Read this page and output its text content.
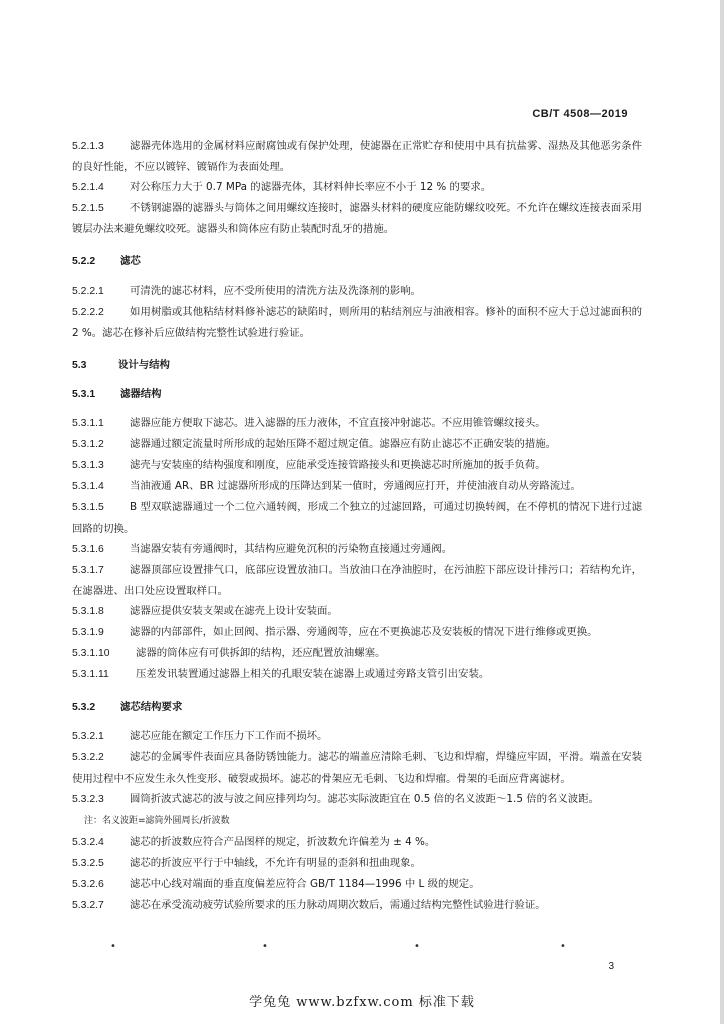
CB/T 4508—2019

5.2.1.3	滤器壳体选用的金属材料应耐腐蚀或有保护处理，使滤器在正常贮存和使用中具有抗盐雾、湿热及其他恶劣条件的良好性能，不应以镀锌、镀镉作为表面处理。

5.2.1.4	对公称压力大于 0.7 MPa 的滤器壳体，其材料伸长率应不小于 12 % 的要求。

5.2.1.5	不锈钢滤器的滤器头与筒体之间用螺纹连接时，滤器头材料的硬度应能防螺纹咬死。不允许在螺纹连接表面采用镀层办法来避免螺纹咬死。滤器头和筒体应有防止装配时乱牙的措施。

5.2.2 滤芯

5.2.2.1	可清洗的滤芯材料，应不受所使用的清洗方法及洗涤剂的影响。

5.2.2.2	如用树脂或其他粘结材料修补滤芯的缺陷时，则所用的粘结剂应与油液相容。修补的面积不应大于总过滤面积的 2 %。滤芯在修补后应做结构完整性试验进行验证。

5.3	设计与结构

5.3.1 滤器结构

5.3.1.1	滤器应能方便取下滤芯。进入滤器的压力液体，不宜直接冲射滤芯。不应用锥管螺纹接头。

5.3.1.2	滤器通过额定流量时所形成的起始压降不超过规定值。滤器应有防止滤芯不正确安装的措施。

5.3.1.3	滤壳与安装座的结构强度和刚度，应能承受连接管路接头和更换滤芯时所施加的扳手负荷。

5.3.1.4	当油液通 AR、BR 过滤器所形成的压降达到某一值时，旁通阀应打开，并使油液自动从旁路流过。

5.3.1.5	B 型双联滤器通过一个二位六通转阀，形成二个独立的过滤回路，可通过切换转阀，在不停机的情况下进行过滤回路的切换。

5.3.1.6	当滤器安装有旁通阀时，其结构应避免沉积的污染物直接通过旁通阀。

5.3.1.7	滤器顶部应设置排气口，底部应设置放油口。当放油口在净油腔时，在污油腔下部应设计排污口；若结构允许，在滤器进、出口处应设置取样口。

5.3.1.8	滤器应提供安装支架或在滤壳上设计安装面。

5.3.1.9	滤器的内部部件，如止回阀、指示器、旁通阀等，应在不更换滤芯及安装板的情况下进行维修或更换。

5.3.1.10	滤器的筒体应有可供拆卸的结构，还应配置放油螺塞。

5.3.1.11	压差发讯装置通过滤器上相关的孔眼安装在滤器上或通过旁路支管引出安装。

5.3.2 滤芯结构要求

5.3.2.1	滤芯应能在额定工作压力下工作而不损坏。

5.3.2.2	滤芯的金属零件表面应具备防锈蚀能力。滤芯的端盖应清除毛刺、飞边和焊瘤，焊缝应牢固，平滑。端盖在安装使用过程中不应发生永久性变形、破裂或损坏。滤芯的骨架应无毛刺、飞边和焊瘤。骨架的毛面应背离滤材。

5.3.2.3	圆筒折波式滤芯的波与波之间应排列均匀。滤芯实际波距宜在 0.5 倍的名义波距～1.5 倍的名义波距。

注：名义波距=滤筒外圆周长/折波数

5.3.2.4	滤芯的折波数应符合产品图样的规定，折波数允许偏差为 ± 4 %。

5.3.2.5	滤芯的折波应平行于中轴线，不允许有明显的歪斜和扭曲现象。

5.3.2.6	滤芯中心线对端面的垂直度偏差应符合 GB/T 1184—1996 中 L 级的规定。

5.3.2.7	滤芯在承受流动疲劳试验所要求的压力脉动周期次数后，需通过结构完整性试验进行验证。

•	•	•	•
3
学兔兔 www.bzfxw.com 标准下载
